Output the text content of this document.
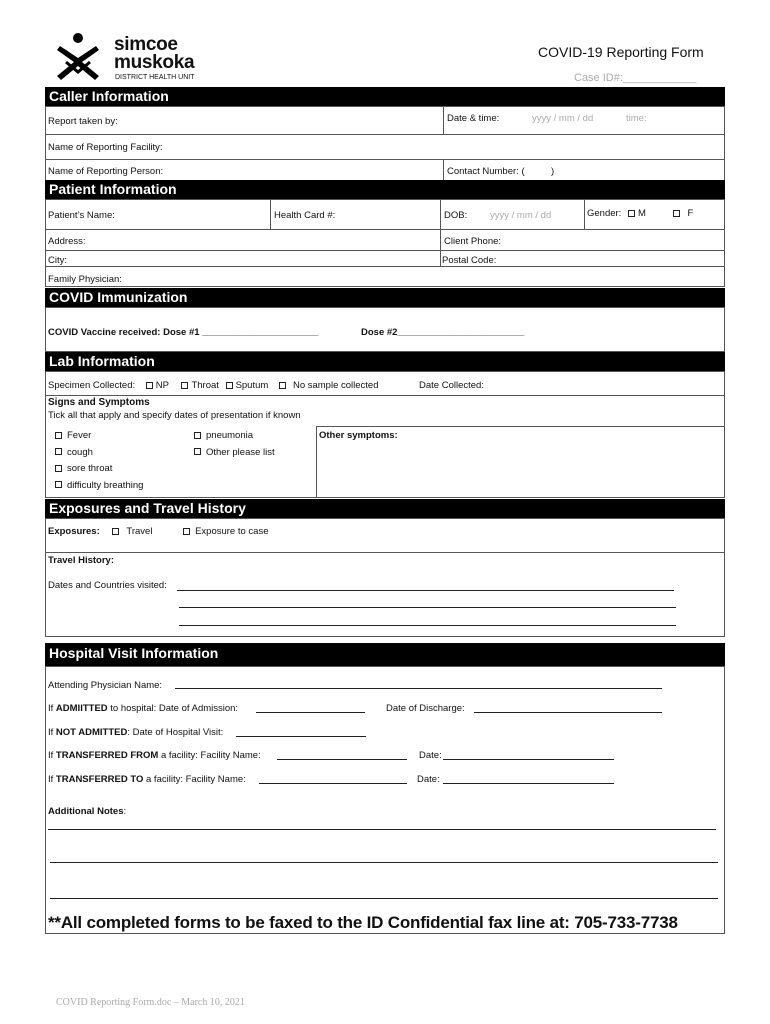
simcoe
muskoka
DISTRICT HEALTH UNIT
COVID-19 Reporting Form
Case ID#:____________
Caller Information
Report taken by:	Date & time:	yyyy / mm / dd	time:
Name of Reporting Facility:
Name of Reporting Person:	Contact Number: (          )
Patient Information
Patient’s Name:	Health Card #:	DOB: yyyy / mm / dd	Gender: M	F
Address:	Client Phone:
City:	Postal Code:
Family Physician:
COVID Immunization
COVID Vaccine received: Dose #1 ______________________	Dose #2________________________
Lab Information
Specimen Collected: NP Throat Sputum	No sample collected	Date Collected:
Signs and Symptoms
Tick all that apply and specify dates of presentation if known
Other symptoms:
Fever
cough
sore throat
difficulty breathing
pneumonia
Other please list
Exposures and Travel History
Exposures:	Travel	Exposure to case
Travel History:
Dates and Countries visited:
Hospital Visit Information
Attending Physician Name:
If ADMIITTED to hospital: Date of Admission:	Date of Discharge:
If NOT ADMITTED: Date of Hospital Visit:
If TRANSFERRED FROM a facility: Facility Name:	Date:
If TRANSFERRED TO a facility: Facility Name:	Date:
Additional Notes:
**All completed forms to be faxed to the ID Confidential fax line at: 705-733-7738
COVID Reporting Form.doc – March 10, 2021
